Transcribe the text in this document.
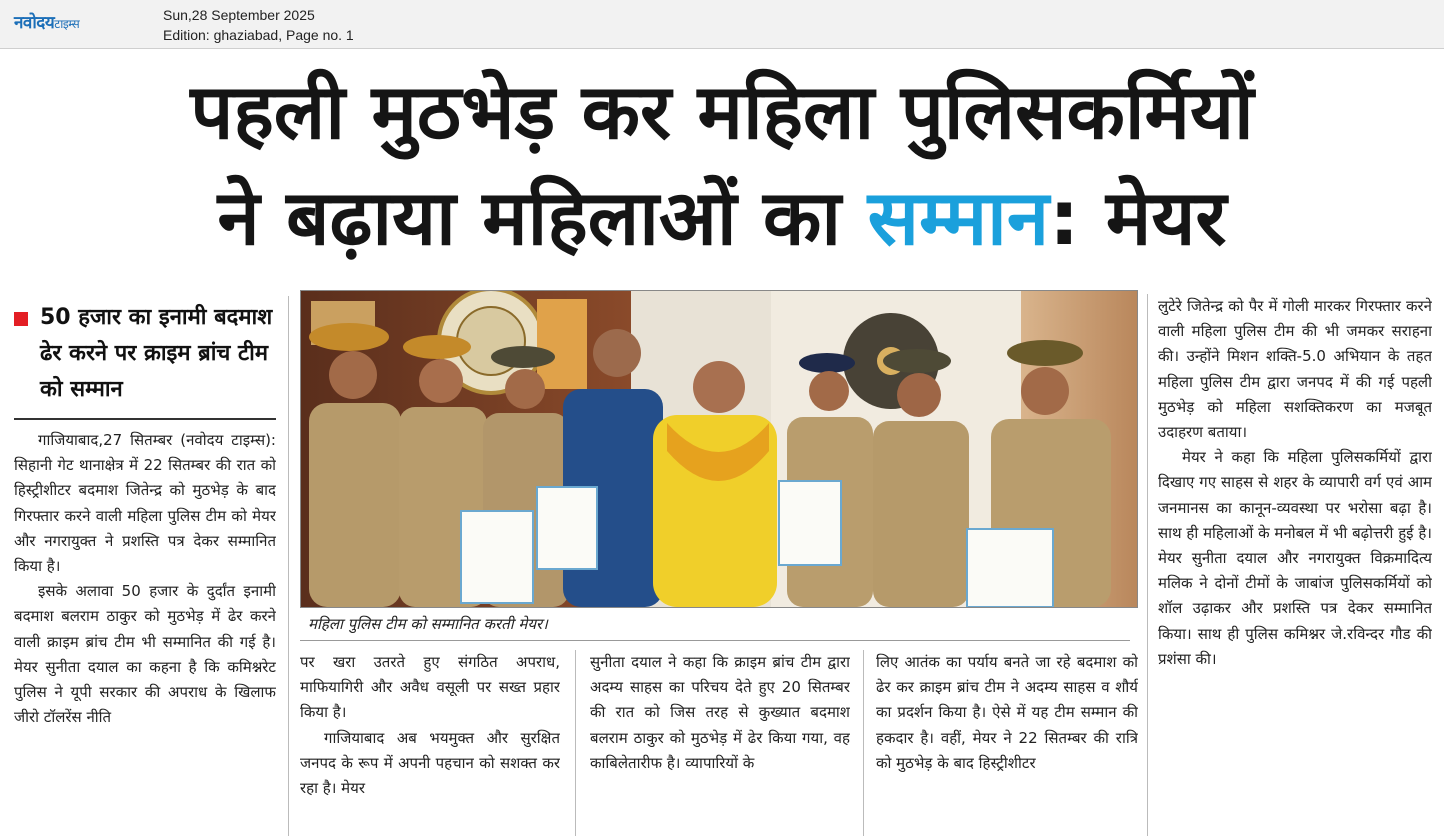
नवोदयटाइम्स
Sun,28 September 2025
Edition: ghaziabad, Page no. 1
पहली मुठभेड़ कर महिला पुलिसकर्मियों
ने बढ़ाया महिलाओं का सम्मान: मेयर
50 हजार का इनामी बदमाश ढेर करने पर क्राइम ब्रांच टीम को सम्मान

गाजियाबाद,27 सितम्बर (नवोदय टाइम्स): सिहानी गेट थानाक्षेत्र में 22 सितम्बर की रात को हिस्ट्रीशीटर बदमाश जितेन्द्र को मुठभेड़ के बाद गिरफ्तार करने वाली महिला पुलिस टीम को मेयर और नगरायुक्त ने प्रशस्ति पत्र देकर सम्मानित किया है।

इसके अलावा 50 हजार के दुर्दांत इनामी बदमाश बलराम ठाकुर को मुठभेड़ में ढेर करने वाली क्राइम ब्रांच टीम भी सम्मानित की गई है। मेयर सुनीता दयाल का कहना है कि कमिश्नरेट पुलिस ने यूपी सरकार की अपराध के खिलाफ जीरो टॉलरेंस नीति

महिला पुलिस टीम को सम्मानित करती मेयर।

पर खरा उतरते हुए संगठित अपराध, माफियागिरी और अवैध वसूली पर सख्त प्रहार किया है।

गाजियाबाद अब भयमुक्त और सुरक्षित जनपद के रूप में अपनी पहचान को सशक्त कर रहा है। मेयर

सुनीता दयाल ने कहा कि क्राइम ब्रांच टीम द्वारा अदम्य साहस का परिचय देते हुए 20 सितम्बर की रात को जिस तरह से कुख्यात बदमाश बलराम ठाकुर को मुठभेड़ में ढेर किया गया, वह काबिलेतारीफ है। व्यापारियों के

लिए आतंक का पर्याय बनते जा रहे बदमाश को ढेर कर क्राइम ब्रांच टीम ने अदम्य साहस व शौर्य का प्रदर्शन किया है। ऐसे में यह टीम सम्मान की हकदार है। वहीं, मेयर ने 22 सितम्बर की रात्रि को मुठभेड़ के बाद हिस्ट्रीशीटर

लुटेरे जितेन्द्र को पैर में गोली मारकर गिरफ्तार करने वाली महिला पुलिस टीम की भी जमकर सराहना की। उन्होंने मिशन शक्ति-5.0 अभियान के तहत महिला पुलिस टीम द्वारा जनपद में की गई पहली मुठभेड़ को महिला सशक्तिकरण का मजबूत उदाहरण बताया।

मेयर ने कहा कि महिला पुलिसकर्मियों द्वारा दिखाए गए साहस से शहर के व्यापारी वर्ग एवं आम जनमानस का कानून-व्यवस्था पर भरोसा बढ़ा है। साथ ही महिलाओं के मनोबल में भी बढ़ोत्तरी हुई है। मेयर सुनीता दयाल और नगरायुक्त विक्रमादित्य मलिक ने दोनों टीमों के जाबांज पुलिसकर्मियों को शॉल उढ़ाकर और प्रशस्ति पत्र देकर सम्मानित किया। साथ ही पुलिस कमिश्नर जे.रविन्दर गौड की प्रशंसा की।
